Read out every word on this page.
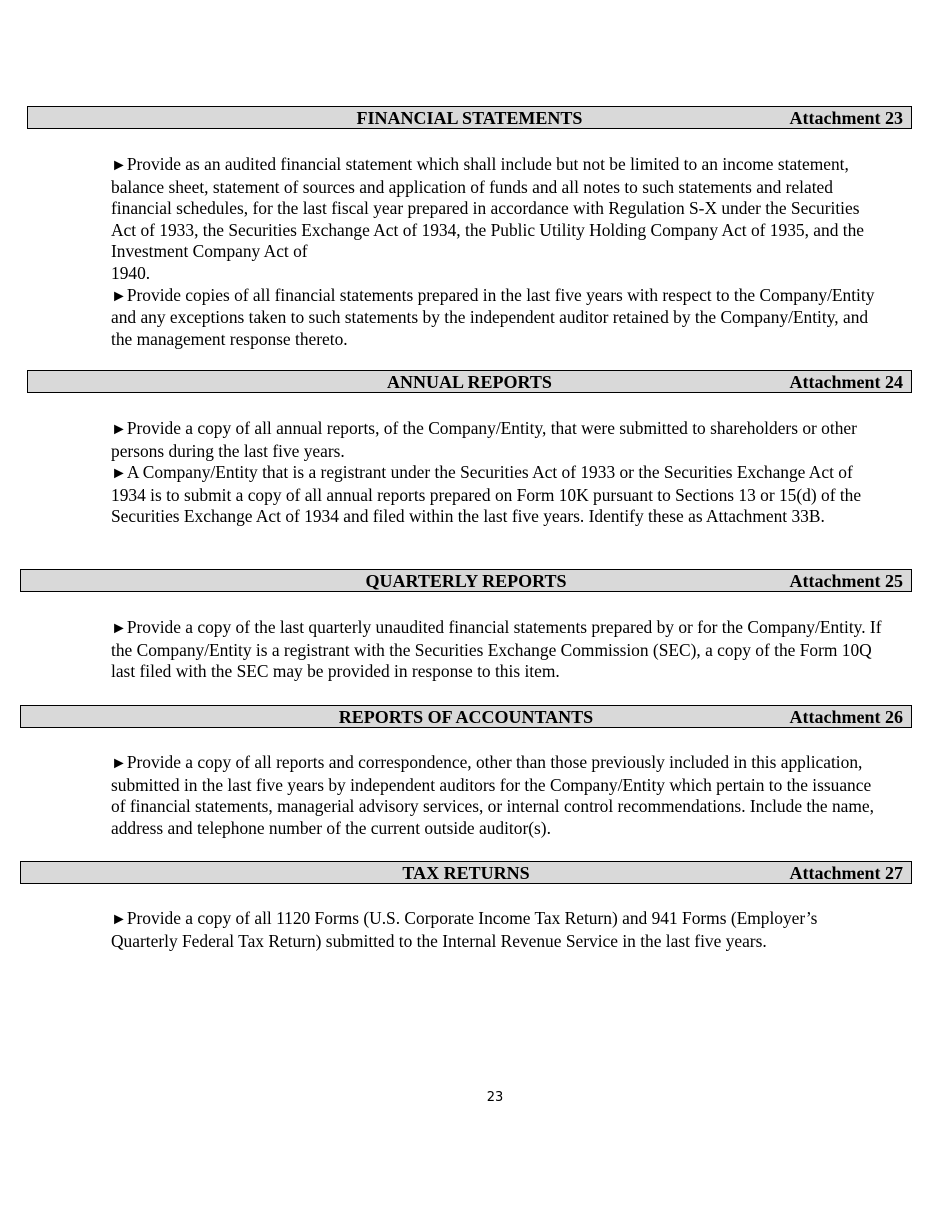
FINANCIAL STATEMENTS	Attachment 23

►Provide as an audited financial statement which shall include but not be limited to an income statement, balance sheet, statement of sources and application of funds and all notes to such statements and related financial schedules, for the last fiscal year prepared in accordance with Regulation S-X under the Securities Act of 1933, the Securities Exchange Act of 1934, the Public Utility Holding Company Act of 1935, and the Investment Company Act of
1940.

►Provide copies of all financial statements prepared in the last five years with respect to the Company/Entity and any exceptions taken to such statements by the independent auditor retained by the Company/Entity, and the management response thereto.

ANNUAL REPORTS	Attachment 24

►Provide a copy of all annual reports, of the Company/Entity, that were submitted to shareholders or other persons during the last five years.

►A Company/Entity that is a registrant under the Securities Act of 1933 or the Securities Exchange Act of 1934 is to submit a copy of all annual reports prepared on Form 10K pursuant to Sections 13 or 15(d) of the Securities Exchange Act of 1934 and filed within the last five years. Identify these as Attachment 33B.

QUARTERLY REPORTS	Attachment 25

►Provide a copy of the last quarterly unaudited financial statements prepared by or for the Company/Entity. If the Company/Entity is a registrant with the Securities Exchange Commission (SEC), a copy of the Form 10Q last filed with the SEC may be provided in response to this item.

REPORTS OF ACCOUNTANTS	Attachment 26

►Provide a copy of all reports and correspondence, other than those previously included in this application, submitted in the last five years by independent auditors for the Company/Entity which pertain to the issuance of financial statements, managerial advisory services, or internal control recommendations. Include the name, address and telephone number of the current outside auditor(s).

TAX RETURNS	Attachment 27

►Provide a copy of all 1120 Forms (U.S. Corporate Income Tax Return) and 941 Forms (Employer’s Quarterly Federal Tax Return) submitted to the Internal Revenue Service in the last five years.

23
